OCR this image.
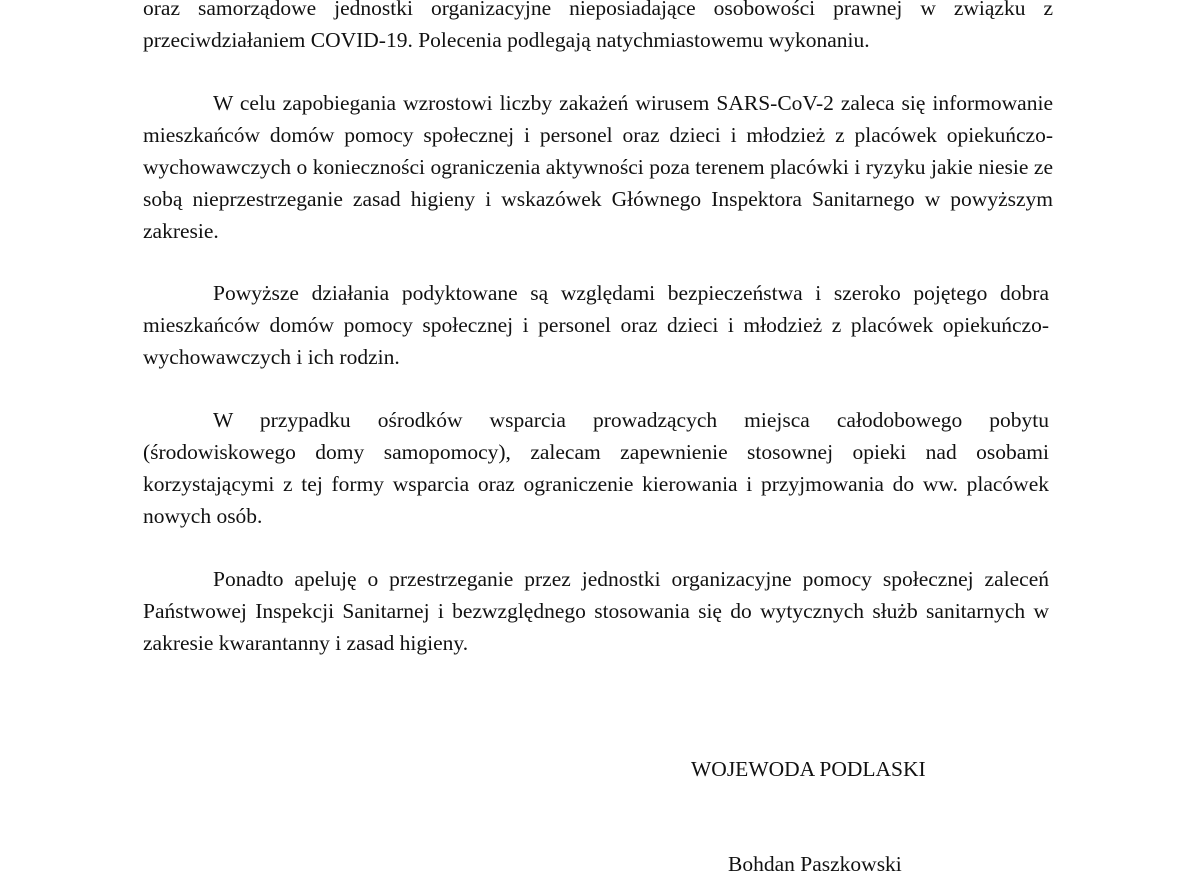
oraz samorządowe jednostki organizacyjne nieposiadające osobowości prawnej w związku z przeciwdziałaniem COVID-19. Polecenia podlegają natychmiastowemu wykonaniu.

W celu zapobiegania wzrostowi liczby zakażeń wirusem SARS-CoV-2 zaleca się informowanie mieszkańców domów pomocy społecznej i personel oraz dzieci i młodzież z placówek opiekuńczo-wychowawczych o konieczności ograniczenia aktywności poza terenem placówki i ryzyku jakie niesie ze sobą nieprzestrzeganie zasad higieny i wskazówek Głównego Inspektora Sanitarnego w powyższym zakresie.

Powyższe działania podyktowane są względami bezpieczeństwa i szeroko pojętego dobra mieszkańców domów pomocy społecznej i personel oraz dzieci i młodzież z placówek opiekuńczo-wychowawczych i ich rodzin.

W przypadku ośrodków wsparcia prowadzących miejsca całodobowego pobytu (środowiskowego domy samopomocy), zalecam zapewnienie stosownej opieki nad osobami korzystającymi z tej formy wsparcia oraz ograniczenie kierowania i przyjmowania do ww. placówek nowych osób.

Ponadto apeluję o przestrzeganie przez jednostki organizacyjne pomocy społecznej zaleceń Państwowej Inspekcji Sanitarnej i bezwzględnego stosowania się do wytycznych służb sanitarnych w zakresie kwarantanny i zasad higieny.

WOJEWODA PODLASKI

Bohdan Paszkowski
